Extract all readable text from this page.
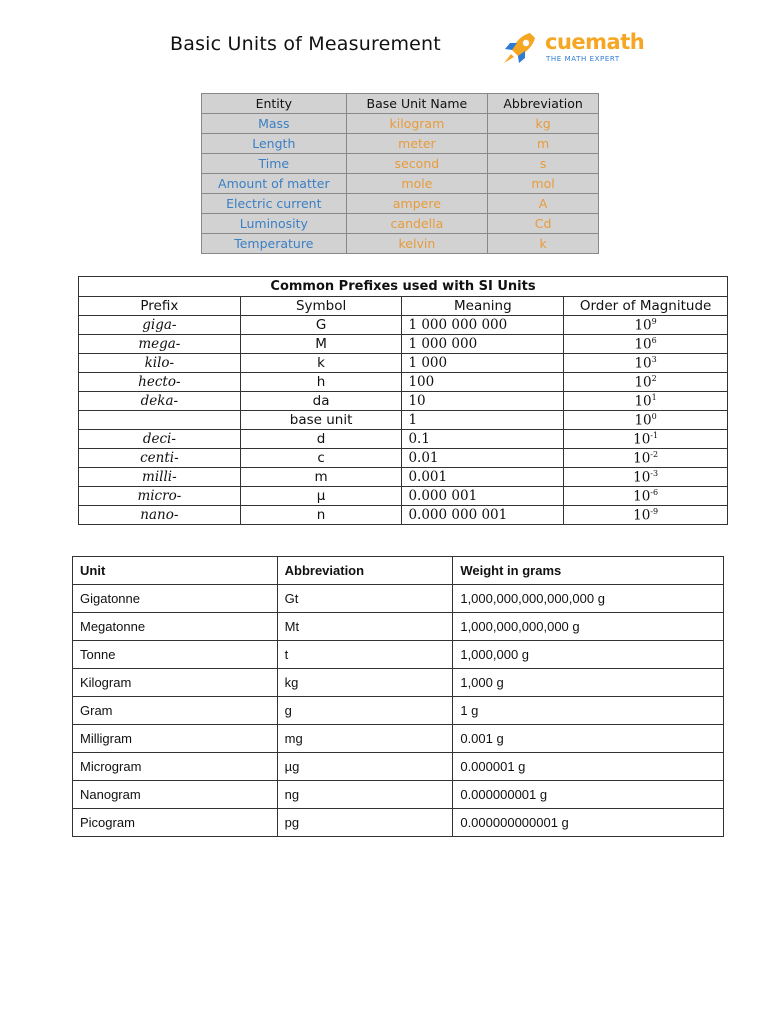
Basic Units of Measurement	cuemath
THE MATH EXPERT
Entity	Base Unit Name	Abbreviation
Mass	kilogram	kg
Length	meter	m
Time	second	s
Amount of matter	mole	mol
Electric current	ampere	A
Luminosity	candella	Cd
Temperature	kelvin	k
Common Prefixes used with SI Units			
Prefix	Symbol	Meaning	Order of Magnitude
giga-	G	1 000 000 000	$10^9$
mega-	M	1 000 000	$10^6$
kilo-	k	1 000	$10^3$
hecto-	h	100	$10^2$
deka-	da	10	$10^1$
	base unit	1	$10^0$
deci-	d	0.1	$10^{-1}$
centi-	c	0.01	$10^{-2}$
milli-	m	0.001	$10^{-3}$
micro-	μ	0.000 001	$10^{-6}$
nano-	n	0.000 000 001	$10^{-9}$
Unit	Abbreviation	Weight in grams
Gigatonne	Gt	1,000,000,000,000,000 g
Megatonne	Mt	1,000,000,000,000 g
Tonne	t	1,000,000 g
Kilogram	kg	1,000 g
Gram	g	1 g
Milligram	mg	0.001 g
Microgram	µg	0.000001 g
Nanogram	ng	0.000000001 g
Picogram	pg	0.000000000001 g
